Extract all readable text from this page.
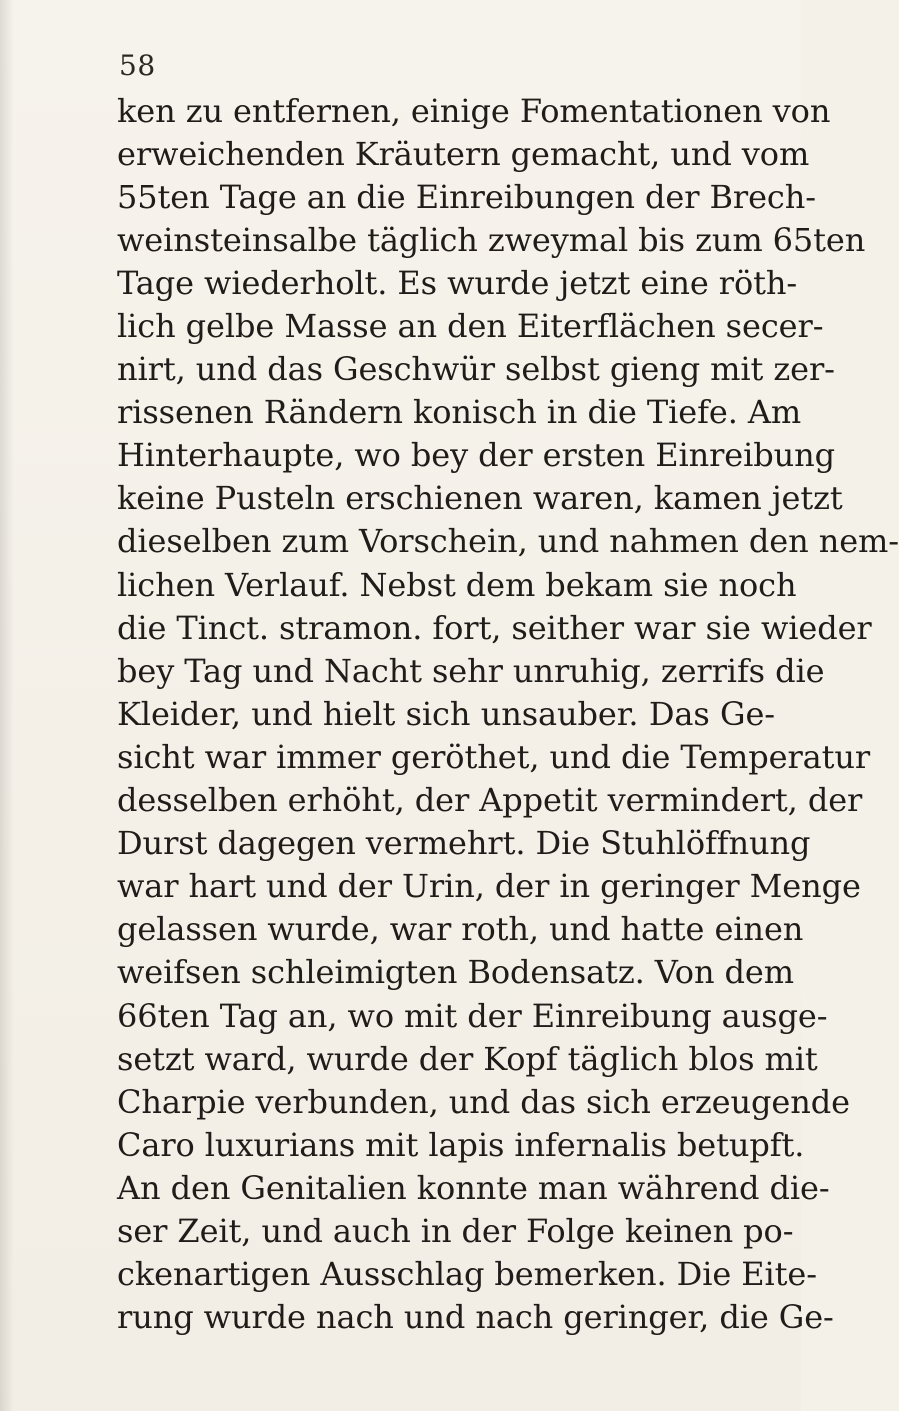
58
ken zu entfernen, einige Fomentationen von
erweichenden Kräutern gemacht, und vom
55ten Tage an die Einreibungen der Brech-
weinsteinsalbe täglich zweymal bis zum 65ten
Tage wiederholt. Es wurde jetzt eine röth-
lich gelbe Masse an den Eiterflächen secer-
nirt, und das Geschwür selbst gieng mit zer-
rissenen Rändern konisch in die Tiefe. Am
Hinterhaupte, wo bey der ersten Einreibung
keine Pusteln erschienen waren, kamen jetzt
dieselben zum Vorschein, und nahmen den nem-
lichen Verlauf. Nebst dem bekam sie noch
die Tinct. stramon. fort, seither war sie wieder
bey Tag und Nacht sehr unruhig, zerrifs die
Kleider, und hielt sich unsauber. Das Ge-
sicht war immer geröthet, und die Temperatur
desselben erhöht, der Appetit vermindert, der
Durst dagegen vermehrt. Die Stuhlöffnung
war hart und der Urin, der in geringer Menge
gelassen wurde, war roth, und hatte einen
weifsen schleimigten Bodensatz. Von dem
66ten Tag an, wo mit der Einreibung ausge-
setzt ward, wurde der Kopf täglich blos mit
Charpie verbunden, und das sich erzeugende
Caro luxurians mit lapis infernalis betupft.
An den Genitalien konnte man während die-
ser Zeit, und auch in der Folge keinen po-
ckenartigen Ausschlag bemerken. Die Eite-
rung wurde nach und nach geringer, die Ge-
